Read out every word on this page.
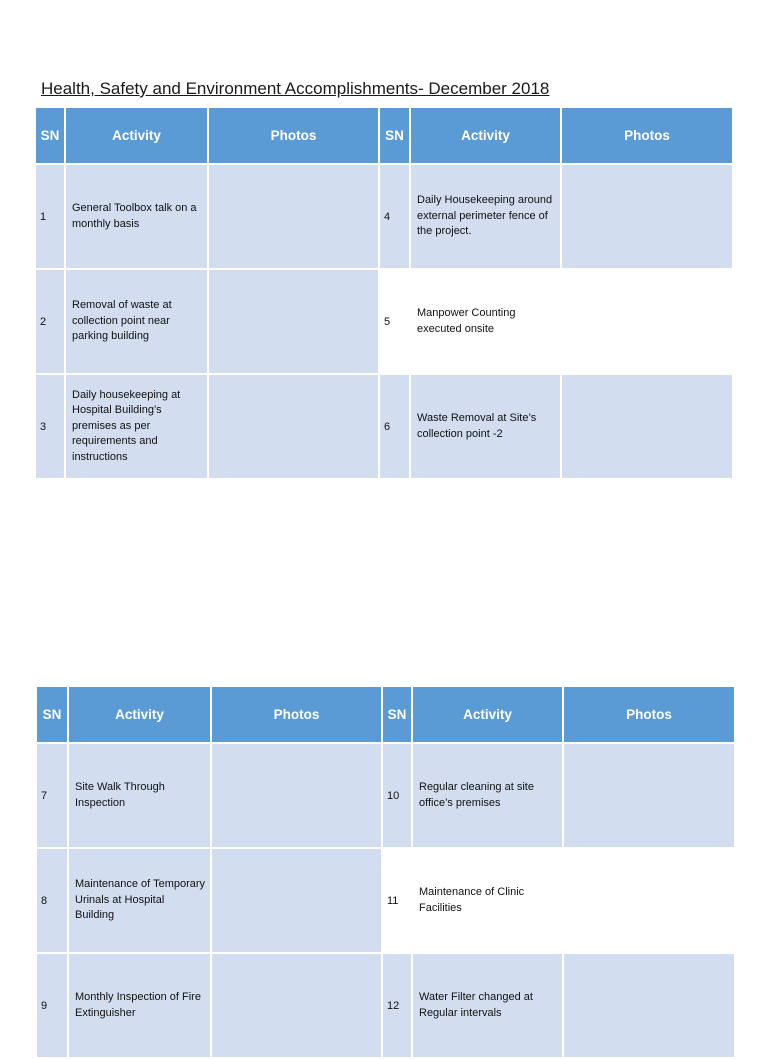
Health, Safety and Environment Accomplishments- December 2018
SN	Activity	Photos	SN	Activity	Photos
1	General Toolbox talk on a monthly basis		4	Daily Housekeeping around external perimeter fence of the project.	

2	Removal of waste at collection point near parking building		5	Manpower Counting executed onsite	

3	Daily housekeeping at Hospital Building’s premises as per requirements and instructions		6	Waste Removal at Site’s collection point -2	
SN	Activity	Photos	SN	Activity	Photos
7	Site Walk Through Inspection		10	Regular cleaning at site office’s premises	

8	Maintenance of Temporary Urinals at Hospital Building		11	Maintenance of Clinic Facilities	

9	Monthly Inspection of Fire Extinguisher		12	Water Filter changed at Regular intervals	
